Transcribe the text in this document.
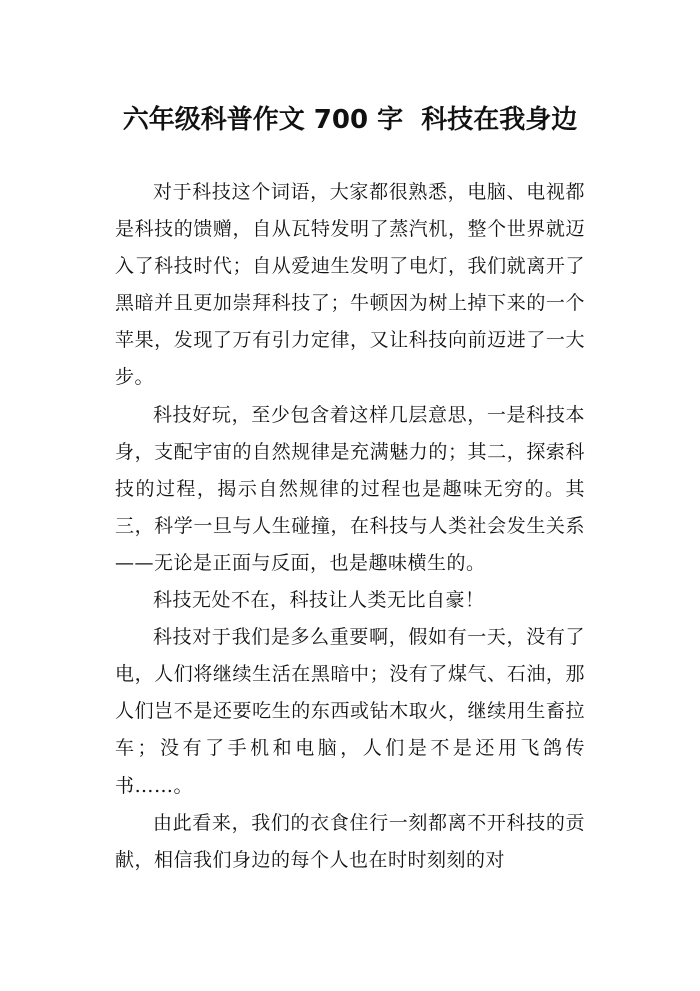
六年级科普作文 700 字  科技在我身边

对于科技这个词语，大家都很熟悉，电脑、电视都是科技的馈赠，自从瓦特发明了蒸汽机，整个世界就迈入了科技时代；自从爱迪生发明了电灯，我们就离开了黑暗并且更加崇拜科技了；牛顿因为树上掉下来的一个苹果，发现了万有引力定律，又让科技向前迈进了一大步。

科技好玩，至少包含着这样几层意思，一是科技本身，支配宇宙的自然规律是充满魅力的；其二，探索科技的过程，揭示自然规律的过程也是趣味无穷的。其三，科学一旦与人生碰撞，在科技与人类社会发生关系——无论是正面与反面，也是趣味横生的。

科技无处不在，科技让人类无比自豪！

科技对于我们是多么重要啊，假如有一天，没有了电，人们将继续生活在黑暗中；没有了煤气、石油，那人们岂不是还要吃生的东西或钻木取火，继续用生畜拉车；没有了手机和电脑，人们是不是还用飞鸽传书……。

由此看来，我们的衣食住行一刻都离不开科技的贡献，相信我们身边的每个人也在时时刻刻的对
